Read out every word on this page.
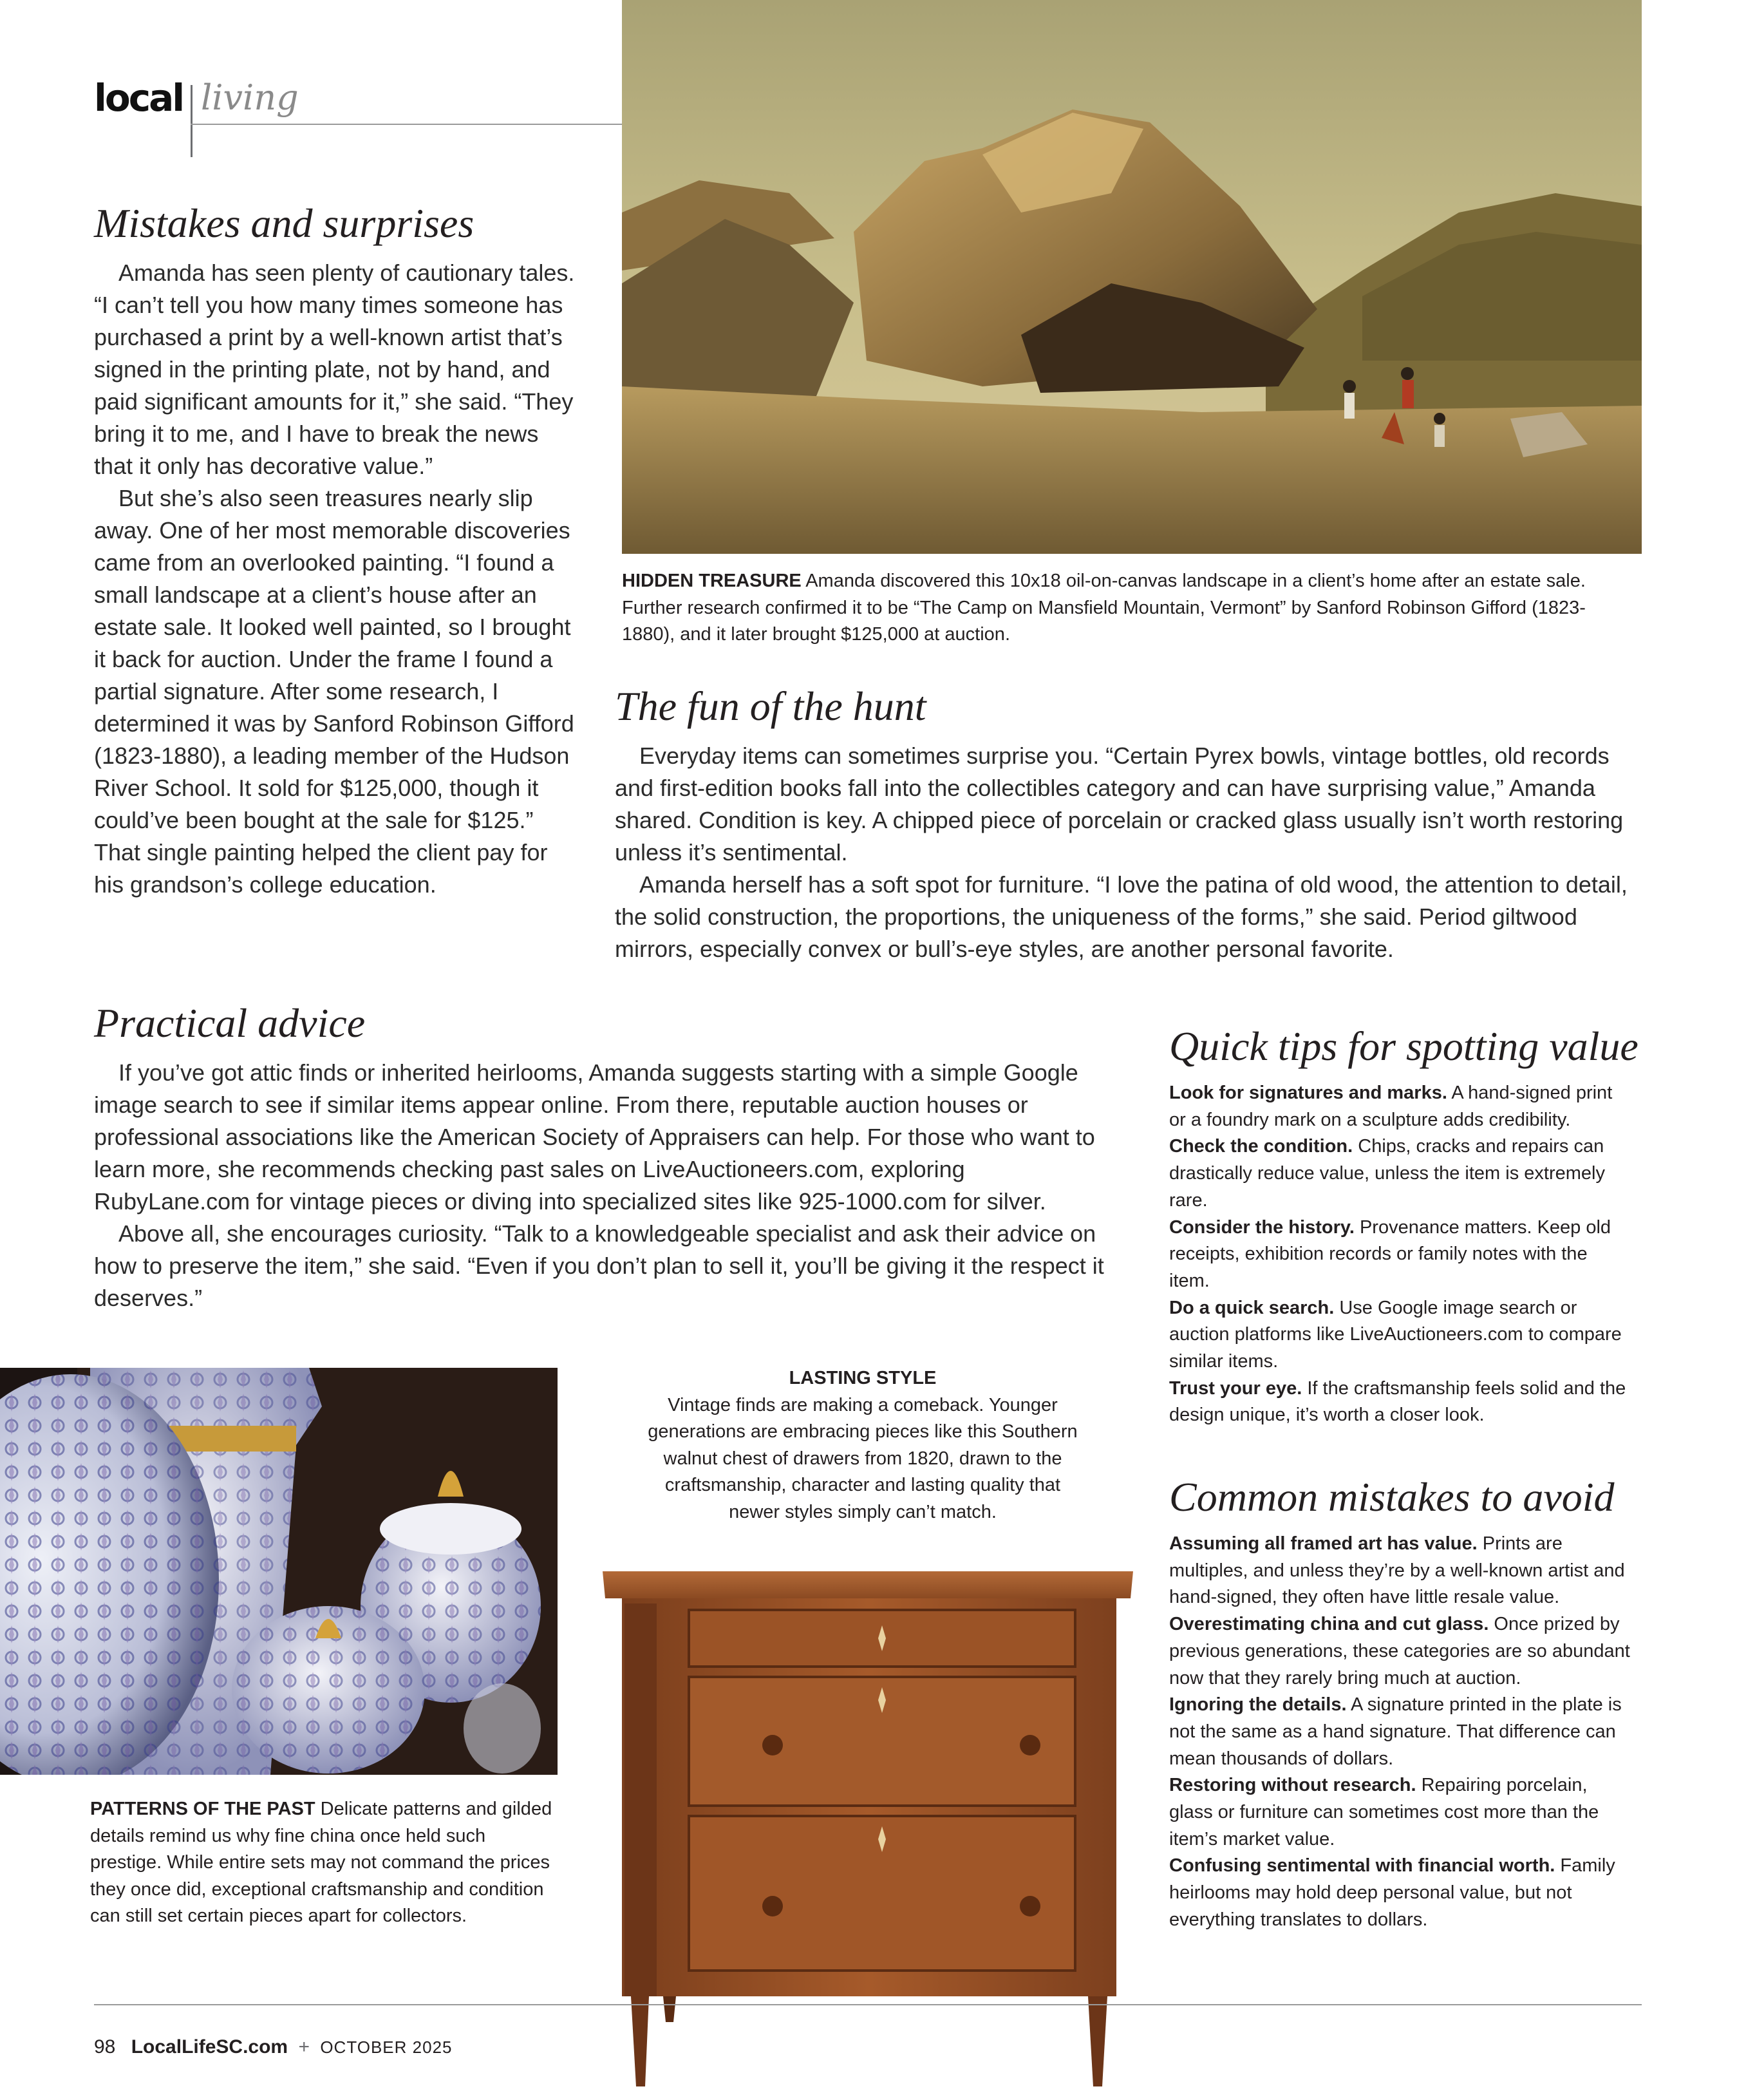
local living
Mistakes and surprises

Amanda has seen plenty of cautionary tales. “I can’t tell you how many times someone has purchased a print by a well-known artist that’s signed in the printing plate, not by hand, and paid significant amounts for it,” she said. “They bring it to me, and I have to break the news that it only has decorative value.”

But she’s also seen treasures nearly slip away. One of her most memorable discoveries came from an overlooked painting. “I found a small landscape at a client’s house after an estate sale. It looked well painted, so I brought it back for auction. Under the frame I found a partial signature. After some research, I determined it was by Sanford Robinson Gifford (1823-1880), a leading member of the Hudson River School. It sold for $125,000, though it could’ve been bought at the sale for $125.” That single painting helped the client pay for his grandson’s college education.

HIDDEN TREASURE Amanda discovered this 10x18 oil-on-canvas landscape in a client’s home after an estate sale. Further research confirmed it to be “The Camp on Mansfield Mountain, Vermont” by Sanford Robinson Gifford (1823-1880), and it later brought $125,000 at auction.
The fun of the hunt

Everyday items can sometimes surprise you. “Certain Pyrex bowls, vintage bottles, old records and first-edition books fall into the collectibles category and can have surprising value,” Amanda shared. Condition is key. A chipped piece of porcelain or cracked glass usually isn’t worth restoring unless it’s sentimental.

Amanda herself has a soft spot for furniture. “I love the patina of old wood, the attention to detail, the solid construction, the proportions, the uniqueness of the forms,” she said. Period giltwood mirrors, especially convex or bull’s-eye styles, are another personal favorite.

Practical advice

If you’ve got attic finds or inherited heirlooms, Amanda suggests starting with a simple Google image search to see if similar items appear online. From there, reputable auction houses or professional associations like the American Society of Appraisers can help. For those who want to learn more, she recommends checking past sales on LiveAuctioneers.com, exploring RubyLane.com for vintage pieces or diving into specialized sites like 925-1000.com for silver.

Above all, she encourages curiosity. “Talk to a knowledgeable specialist and ask their advice on how to preserve the item,” she said. “Even if you don’t plan to sell it, you’ll be giving it the respect it deserves.”

Quick tips for spotting value

Look for signatures and marks. A hand-signed print or a foundry mark on a sculpture adds credibility.

Check the condition. Chips, cracks and repairs can drastically reduce value, unless the item is extremely rare.

Consider the history. Provenance matters. Keep old receipts, exhibition records or family notes with the item.

Do a quick search. Use Google image search or auction platforms like LiveAuctioneers.com to compare similar items.

Trust your eye. If the craftsmanship feels solid and the design unique, it’s worth a closer look.

Common mistakes to avoid

Assuming all framed art has value. Prints are multiples, and unless they’re by a well-known artist and hand-signed, they often have little resale value.

Overestimating china and cut glass. Once prized by previous generations, these categories are so abundant now that they rarely bring much at auction.

Ignoring the details. A signature printed in the plate is not the same as a hand signature. That difference can mean thousands of dollars.

Restoring without research. Repairing porcelain, glass or furniture can sometimes cost more than the item’s market value.

Confusing sentimental with financial worth. Family heirlooms may hold deep personal value, but not everything translates to dollars.

PATTERNS OF THE PAST Delicate patterns and gilded details remind us why fine china once held such prestige. While entire sets may not command the prices they once did, exceptional craftsmanship and condition can still set certain pieces apart for collectors.
LASTING STYLE
Vintage finds are making a comeback. Younger generations are embracing pieces like this Southern walnut chest of drawers from 1820, drawn to the craftsmanship, character and lasting quality that newer styles simply can’t match.
98 LocalLifeSC.com + OCTOBER 2025
